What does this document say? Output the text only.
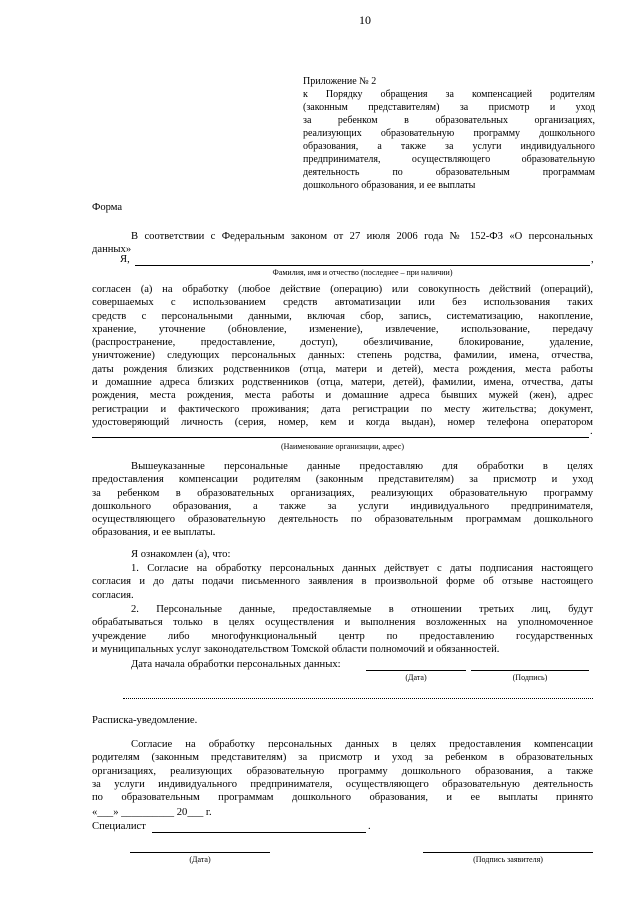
10
Приложение № 2
к Порядку обращения за компенсацией родителям
(законным представителям) за присмотр и уход
за ребенком в образовательных организациях,
реализующих образовательную программу дошкольного
образования, а также за услуги индивидуального
предпринимателя, осуществляющего образовательную
деятельность по образовательным программам
дошкольного образования, и ее выплаты
Форма
В соответствии с Федеральным законом от 27 июля 2006 года № 152-ФЗ «О персональных
данных»
Я,	,
Фамилия, имя и отчество (последнее – при наличии)
согласен (а) на обработку (любое действие (операцию) или совокупность действий (операций),
совершаемых с использованием средств автоматизации или без использования таких
средств с персональными данными, включая сбор, запись, систематизацию, накопление,
хранение, уточнение (обновление, изменение), извлечение, использование, передачу
(распространение, предоставление, доступ), обезличивание, блокирование, удаление,
уничтожение) следующих персональных данных: степень родства, фамилии, имена, отчества,
даты рождения близких родственников (отца, матери и детей), места рождения, места работы
и домашние адреса близких родственников (отца, матери, детей), фамилии, имена, отчества, даты
рождения, места рождения, места работы и домашние адреса бывших мужей (жен), адрес
регистрации и фактического проживания; дата регистрации по месту жительства; документ,
удостоверяющий личность (серия, номер, кем и когда выдан), номер телефона оператором
.
(Наименование организации, адрес)
Вышеуказанные персональные данные предоставляю для обработки в целях
предоставления компенсации родителям (законным представителям) за присмотр и уход
за ребенком в образовательных организациях, реализующих образовательную программу
дошкольного образования, а также за услуги индивидуального предпринимателя,
осуществляющего образовательную деятельность по образовательным программам дошкольного
образования, и ее выплаты.
Я ознакомлен (а), что:
1. Согласие на обработку персональных данных действует с даты подписания настоящего
согласия и до даты подачи письменного заявления в произвольной форме об отзыве настоящего
согласия.
2. Персональные данные, предоставляемые в отношении третьих лиц, будут
обрабатываться только в целях осуществления и выполнения возложенных на уполномоченное
учреждение либо многофункциональный центр по предоставлению государственных
и муниципальных услуг законодательством Томской области полномочий и обязанностей.
Дата начала обработки персональных данных:
(Дата)	(Подпись)
Расписка-уведомление.
Согласие на обработку персональных данных в целях предоставления компенсации
родителям (законным представителям) за присмотр и уход за ребенком в образовательных
организациях, реализующих образовательную программу дошкольного образования, а также
за услуги индивидуального предпринимателя, осуществляющего образовательную деятельность
по образовательным программам дошкольного образования, и ее выплаты принято
«___» __________ 20___ г.
Специалист	.
(Дата)	(Подпись заявителя)
